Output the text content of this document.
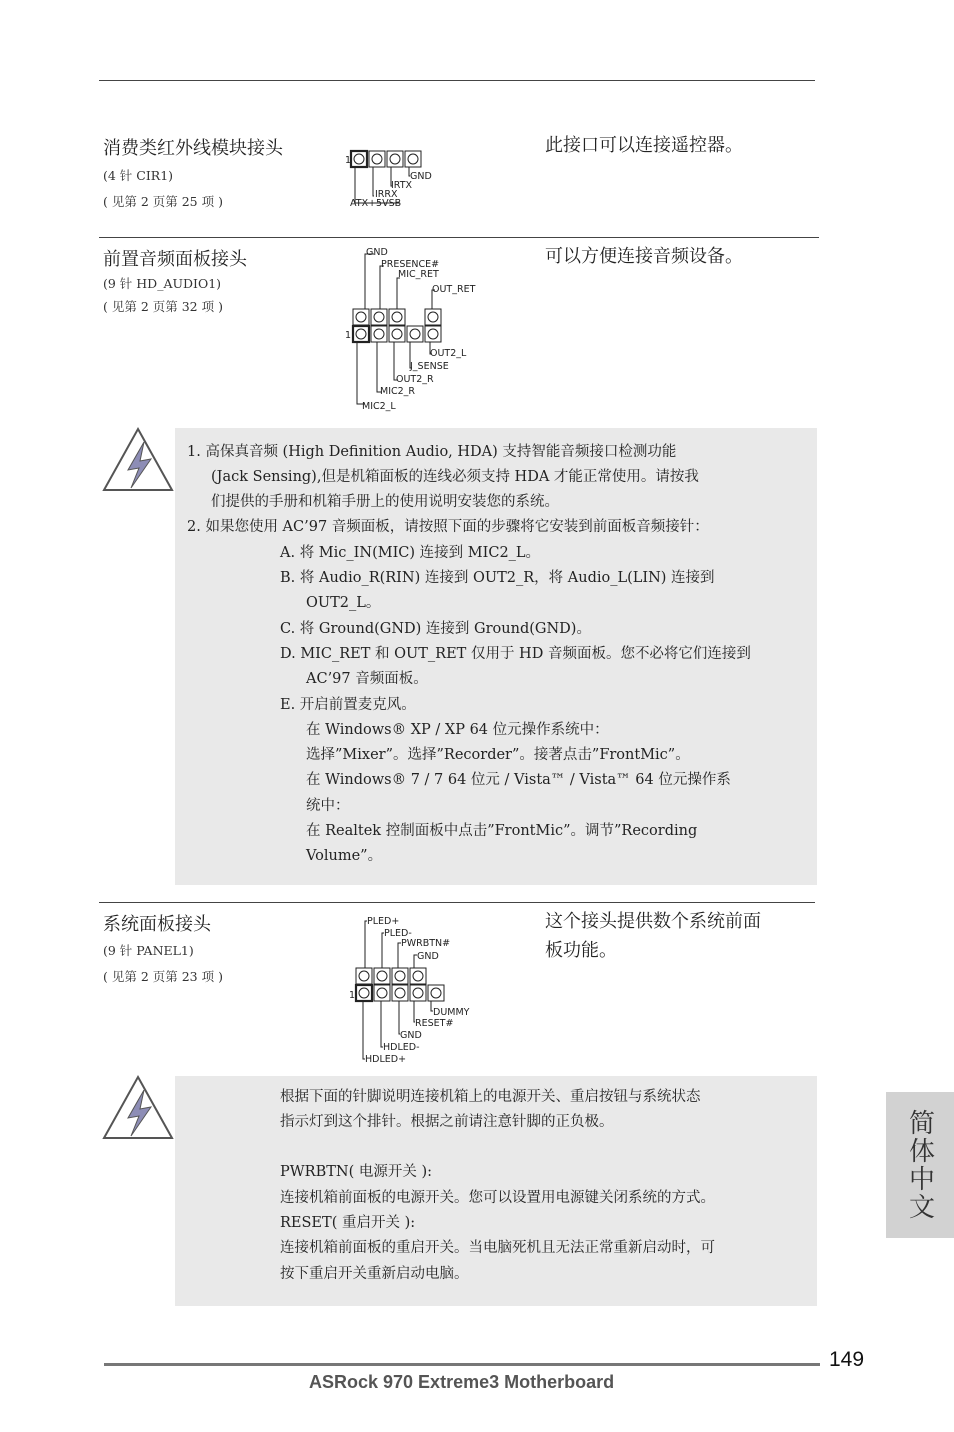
消费类红外线模块接头
(4 针 CIR1)
( 见第 2 页第 25 项 )
此接口可以连接遥控器。
1
GND
IRTX
IRRX
ATX+5VSB
前置音频面板接头
(9 针 HD_AUDIO1)
( 见第 2 页第 32 项 )
可以方便连接音频设备。
GND
PRESENCE#
MIC_RET
OUT_RET
1
OUT2_L
J_SENSE
OUT2_R
MIC2_R
MIC2_L
1. 高保真音频 (High Definition Audio, HDA) 支持智能音频接口检测功能
(Jack Sensing),但是机箱面板的连线必须支持 HDA 才能正常使用。请按我
们提供的手册和机箱手册上的使用说明安装您的系统。
2. 如果您使用 AC’97 音频面板，请按照下面的步骤将它安装到前面板音频接针：
A. 将 Mic_IN(MIC) 连接到 MIC2_L。
B. 将 Audio_R(RIN) 连接到 OUT2_R，将 Audio_L(LIN) 连接到
OUT2_L。
C. 将 Ground(GND) 连接到 Ground(GND)。
D. MIC_RET 和 OUT_RET 仅用于 HD 音频面板。您不必将它们连接到
AC’97 音频面板。
E. 开启前置麦克风。
在 Windows® XP / XP 64 位元操作系统中：
选择”Mixer”。选择”Recorder”。接著点击”FrontMic”。
在 Windows® 7 / 7 64 位元 / Vista™ / Vista™ 64 位元操作系
统中：
在 Realtek 控制面板中点击”FrontMic”。调节”Recording
Volume”。
系统面板接头
(9 针 PANEL1)
( 见第 2 页第 23 项 )
这个接头提供数个系统前面
板功能。
PLED+
PLED-
PWRBTN#
GND
1
DUMMY
RESET#
GND
HDLED-
HDLED+
根据下面的针脚说明连接机箱上的电源开关、重启按钮与系统状态
指示灯到这个排针。根据之前请注意针脚的正负极。
PWRBTN( 电源开关 ):
连接机箱前面板的电源开关。您可以设置用电源键关闭系统的方式。
RESET( 重启开关 ):
连接机箱前面板的重启开关。当电脑死机且无法正常重新启动时，可
按下重启开关重新启动电脑。
简体中文
149
ASRock 970 Extreme3 Motherboard
